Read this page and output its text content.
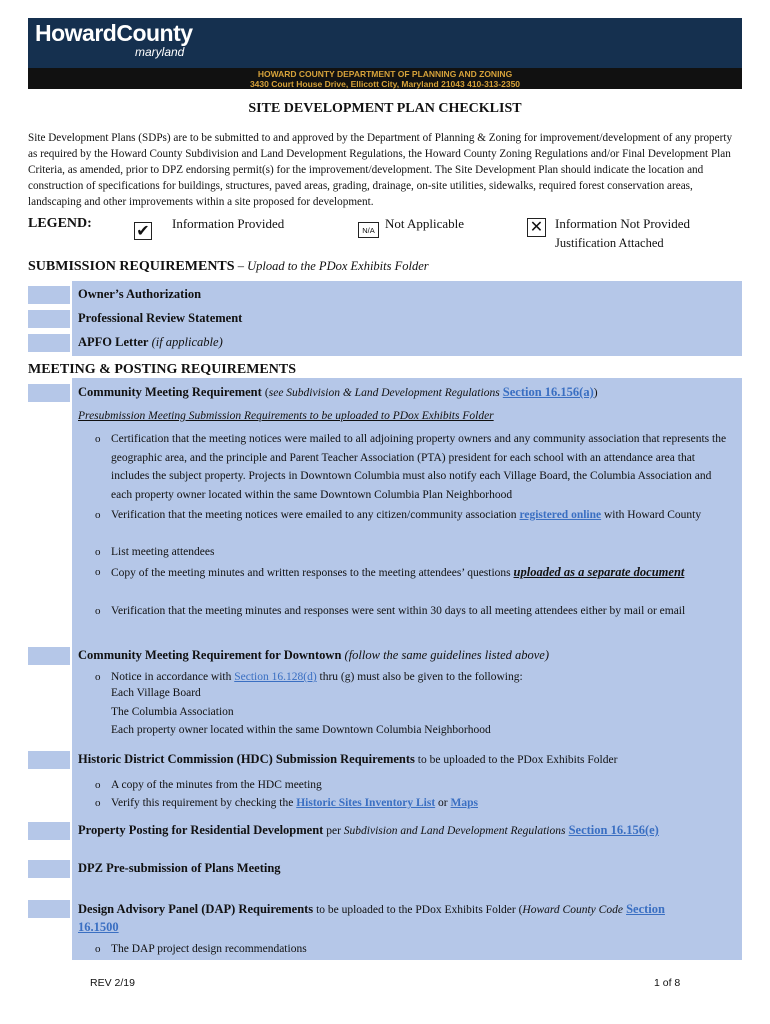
HowardCounty
maryland
HOWARD COUNTY DEPARTMENT OF PLANNING AND ZONING
3430 Court House Drive, Ellicott City, Maryland 21043 410-313-2350
SITE DEVELOPMENT PLAN CHECKLIST
Site Development Plans (SDPs) are to be submitted to and approved by the Department of Planning & Zoning for improvement/development of any property as required by the Howard County Subdivision and Land Development Regulations, the Howard County Zoning Regulations and/or Final Development Plan Criteria, as amended, prior to DPZ endorsing permit(s) for the improvement/development. The Site Development Plan should indicate the location and construction of specifications for buildings, structures, paved areas, grading, drainage, on-site utilities, sidewalks, required forest conservation areas, landscaping and other improvements within a site proposed for development.
LEGEND:	✔ Information Provided	N/A Not Applicable	✕ Information Not Provided
Justification Attached
SUBMISSION REQUIREMENTS – Upload to the PDox Exhibits Folder
Owner’s Authorization
Professional Review Statement
APFO Letter (if applicable)
MEETING & POSTING REQUIREMENTS
Community Meeting Requirement (see Subdivision & Land Development Regulations Section 16.156(a))
Presubmission Meeting Submission Requirements to be uploaded to PDox Exhibits Folder
o Certification that the meeting notices were mailed to all adjoining property owners and any community association that represents the geographic area, and the principle and Parent Teacher Association (PTA) president for each school with an attendance area that includes the subject property. Projects in Downtown Columbia must also notify each Village Board, the Columbia Association and each property owner located within the same Downtown Columbia Plan Neighborhood
o Verification that the meeting notices were emailed to any citizen/community association registered online with Howard County
o List meeting attendees
o Copy of the meeting minutes and written responses to the meeting attendees’ questions uploaded as a separate document
o Verification that the meeting minutes and responses were sent within 30 days to all meeting attendees either by mail or email
Community Meeting Requirement for Downtown (follow the same guidelines listed above)
o Notice in accordance with Section 16.128(d) thru (g) must also be given to the following:
Each Village Board
The Columbia Association
Each property owner located within the same Downtown Columbia Neighborhood
Historic District Commission (HDC) Submission Requirements to be uploaded to the PDox Exhibits Folder
o A copy of the minutes from the HDC meeting
o Verify this requirement by checking the Historic Sites Inventory List or Maps
Property Posting for Residential Development per Subdivision and Land Development Regulations Section 16.156(e)
DPZ Pre-submission of Plans Meeting
Design Advisory Panel (DAP) Requirements to be uploaded to the PDox Exhibits Folder (Howard County Code Section
16.1500
o The DAP project design recommendations
REV 2/19	1 of 8
